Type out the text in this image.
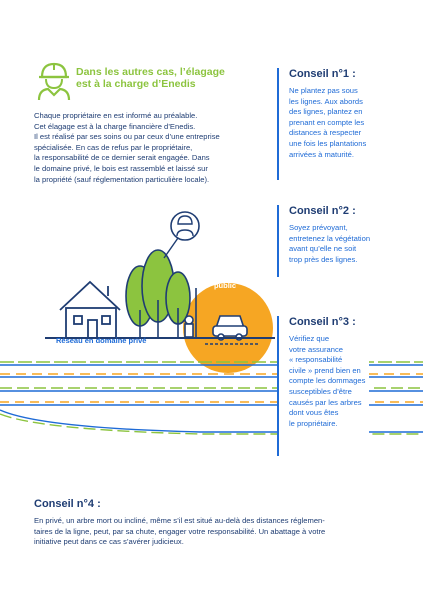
Dans les autres cas, l’élagage
est à la charge d’Enedis

Chaque propriétaire en est informé au préalable.

Cet élagage est à la charge financière d’Enedis.

Il est réalisé par ses soins ou par ceux d’une entreprise

spécialisée. En cas de refus par le propriétaire,

la responsabilité de ce dernier serait engagée. Dans

le domaine privé, le bois est rassemblé et laissé sur

la propriété (sauf réglementation particulière locale).

Conseil n°1 :

Ne plantez pas sous
les lignes. Aux abords
des lignes, plantez en
prenant en compte les
distances à respecter
une fois les plantations
arrivées à maturité.

Conseil n°2 :

Soyez prévoyant,
entretenez la végétation
avant qu’elle ne soit
trop près des lignes.

Domaine
public
Réseau en domaine privé

Conseil n°3 :

Vérifiez que
votre assurance
« responsabilité
civile » prend bien en
compte les dommages
susceptibles d’être
causés par les arbres
dont vous êtes
le propriétaire.

Conseil n°4 :

En privé, un arbre mort ou incliné, même s’il est situé au-delà des distances réglemen-
taires de la ligne, peut, par sa chute, engager votre responsabilité. Un abattage à votre
initiative peut dans ce cas s’avérer judicieux.
